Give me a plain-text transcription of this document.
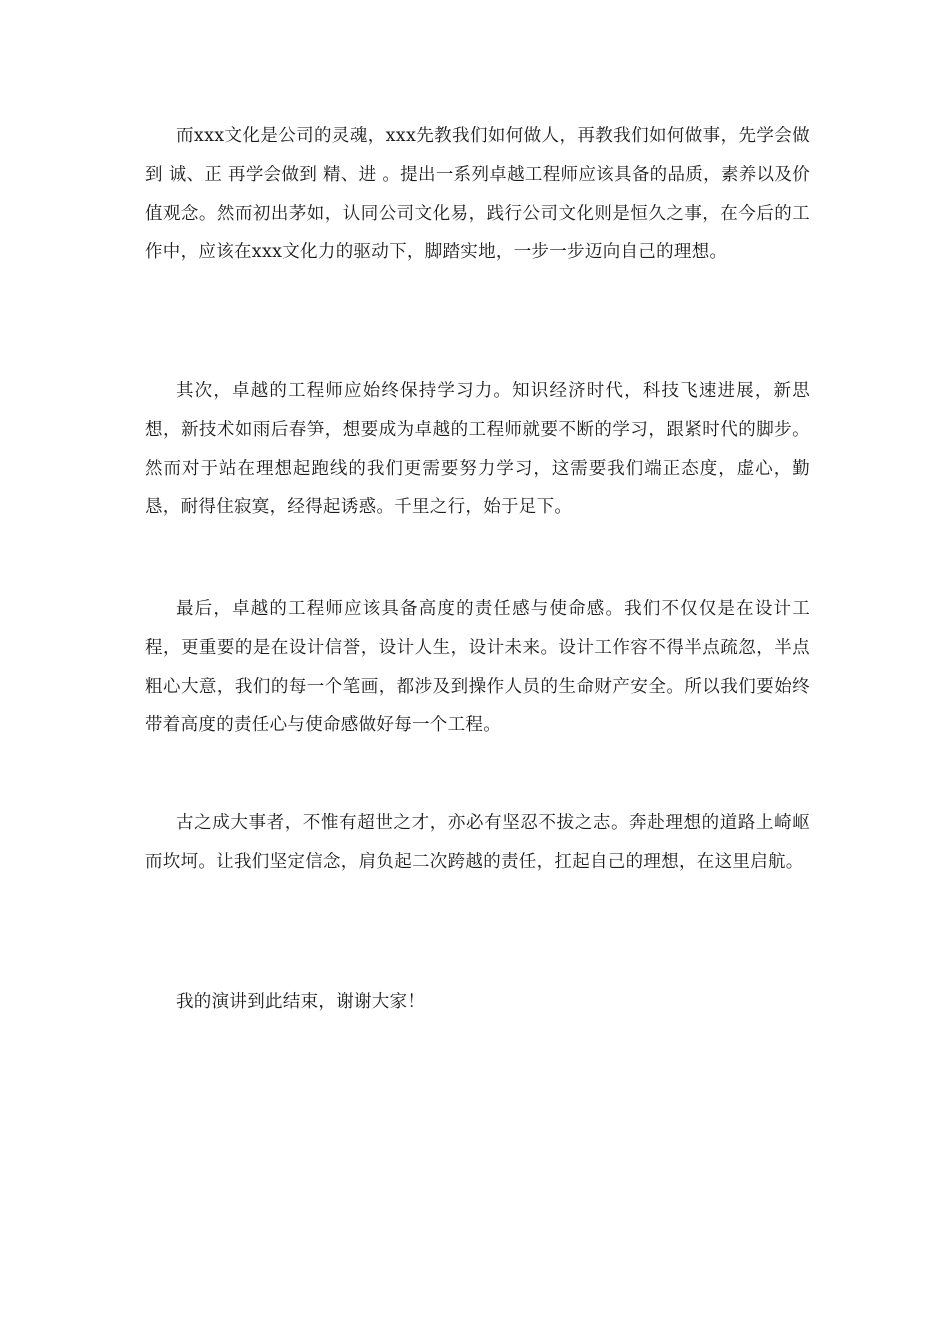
而xxx文化是公司的灵魂，xxx先教我们如何做人，再教我们如何做事，先学会做到 诚、正 再学会做到 精、进 。提出一系列卓越工程师应该具备的品质，素养以及价值观念。然而初出茅如，认同公司文化易，践行公司文化则是恒久之事，在今后的工作中，应该在xxx文化力的驱动下，脚踏实地，一步一步迈向自己的理想。

其次，卓越的工程师应始终保持学习力。知识经济时代，科技飞速进展，新思想，新技术如雨后春笋，想要成为卓越的工程师就要不断的学习，跟紧时代的脚步。然而对于站在理想起跑线的我们更需要努力学习，这需要我们端正态度，虚心，勤恳，耐得住寂寞，经得起诱惑。千里之行，始于足下。

最后，卓越的工程师应该具备高度的责任感与使命感。我们不仅仅是在设计工程，更重要的是在设计信誉，设计人生，设计未来。设计工作容不得半点疏忽，半点粗心大意，我们的每一个笔画，都涉及到操作人员的生命财产安全。所以我们要始终带着高度的责任心与使命感做好每一个工程。

古之成大事者，不惟有超世之才，亦必有坚忍不拔之志。奔赴理想的道路上崎岖而坎坷。让我们坚定信念，肩负起二次跨越的责任，扛起自己的理想，在这里启航。

我的演讲到此结束，谢谢大家！
